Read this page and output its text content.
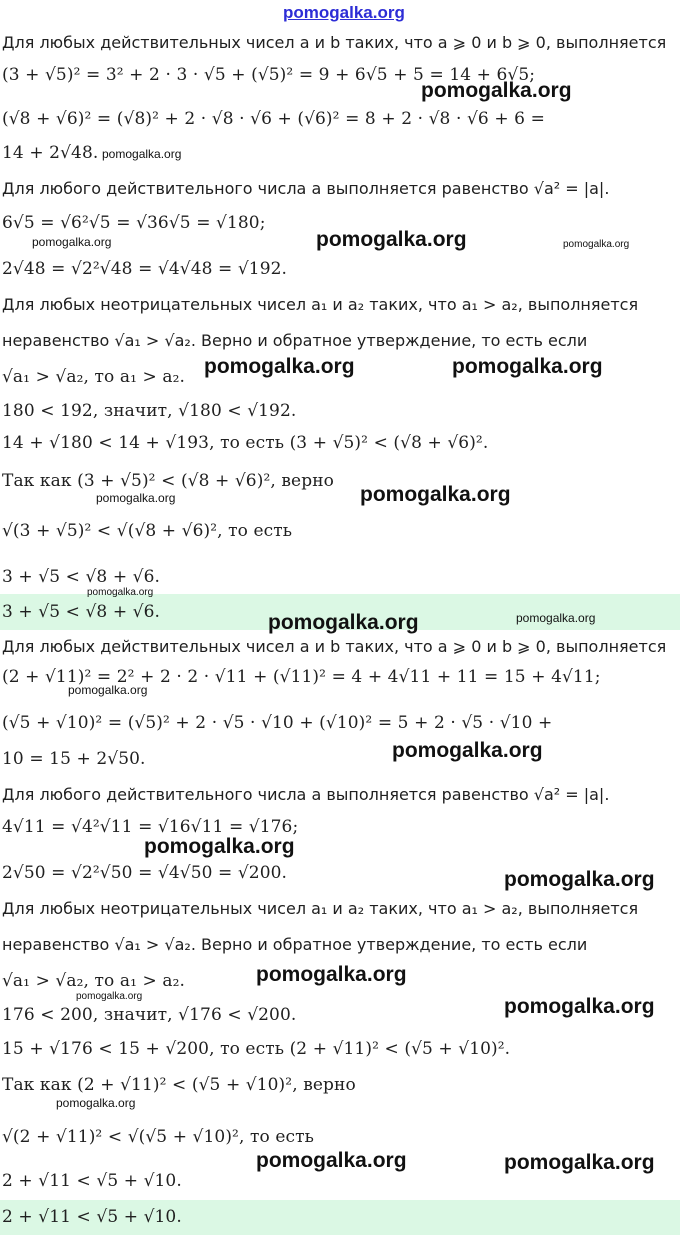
Для любых действительных чисел a и b таких, что a ⩾ 0 и b ⩾ 0, выполняется
(3 + √5)² = 3² + 2 · 3 · √5 + (√5)² = 9 + 6√5 + 5 = 14 + 6√5;
(√8 + √6)² = (√8)² + 2 · √8 · √6 + (√6)² = 8 + 2 · √8 · √6 + 6 =
14 + 2√48.
Для любого действительного числа a выполняется равенство √a² = |a|.
6√5 = √6²√5 = √36√5 = √180;
2√48 = √2²√48 = √4√48 = √192.
Для любых неотрицательных чисел a₁ и a₂ таких, что a₁ > a₂, выполняется
неравенство √a₁ > √a₂. Верно и обратное утверждение, то есть если
√a₁ > √a₂, то a₁ > a₂.
180 < 192, значит, √180 < √192.
14 + √180 < 14 + √193, то есть (3 + √5)² < (√8 + √6)².
Так как (3 + √5)² < (√8 + √6)², верно
√(3 + √5)² < √(√8 + √6)², то есть
3 + √5 < √8 + √6.
3 + √5 < √8 + √6.
Для любых действительных чисел a и b таких, что a ⩾ 0 и b ⩾ 0, выполняется
(2 + √11)² = 2² + 2 · 2 · √11 + (√11)² = 4 + 4√11 + 11 = 15 + 4√11;
(√5 + √10)² = (√5)² + 2 · √5 · √10 + (√10)² = 5 + 2 · √5 · √10 +
10 = 15 + 2√50.
Для любого действительного числа a выполняется равенство √a² = |a|.
4√11 = √4²√11 = √16√11 = √176;
2√50 = √2²√50 = √4√50 = √200.
Для любых неотрицательных чисел a₁ и a₂ таких, что a₁ > a₂, выполняется
неравенство √a₁ > √a₂. Верно и обратное утверждение, то есть если
√a₁ > √a₂, то a₁ > a₂.
176 < 200, значит, √176 < √200.
15 + √176 < 15 + √200, то есть (2 + √11)² < (√5 + √10)².
Так как (2 + √11)² < (√5 + √10)², верно
√(2 + √11)² < √(√5 + √10)², то есть
2 + √11 < √5 + √10.
2 + √11 < √5 + √10.
pomogalka.org
pomogalka.org
pomogalka.org
pomogalka.org	pomogalka.org	pomogalka.org
pomogalka.org	pomogalka.org
pomogalka.org	pomogalka.org
pomogalka.org
pomogalka.org	pomogalka.org
pomogalka.org
pomogalka.org
pomogalka.org
pomogalka.org
pomogalka.org
pomogalka.org	pomogalka.org
pomogalka.org
pomogalka.org
pomogalka.org
